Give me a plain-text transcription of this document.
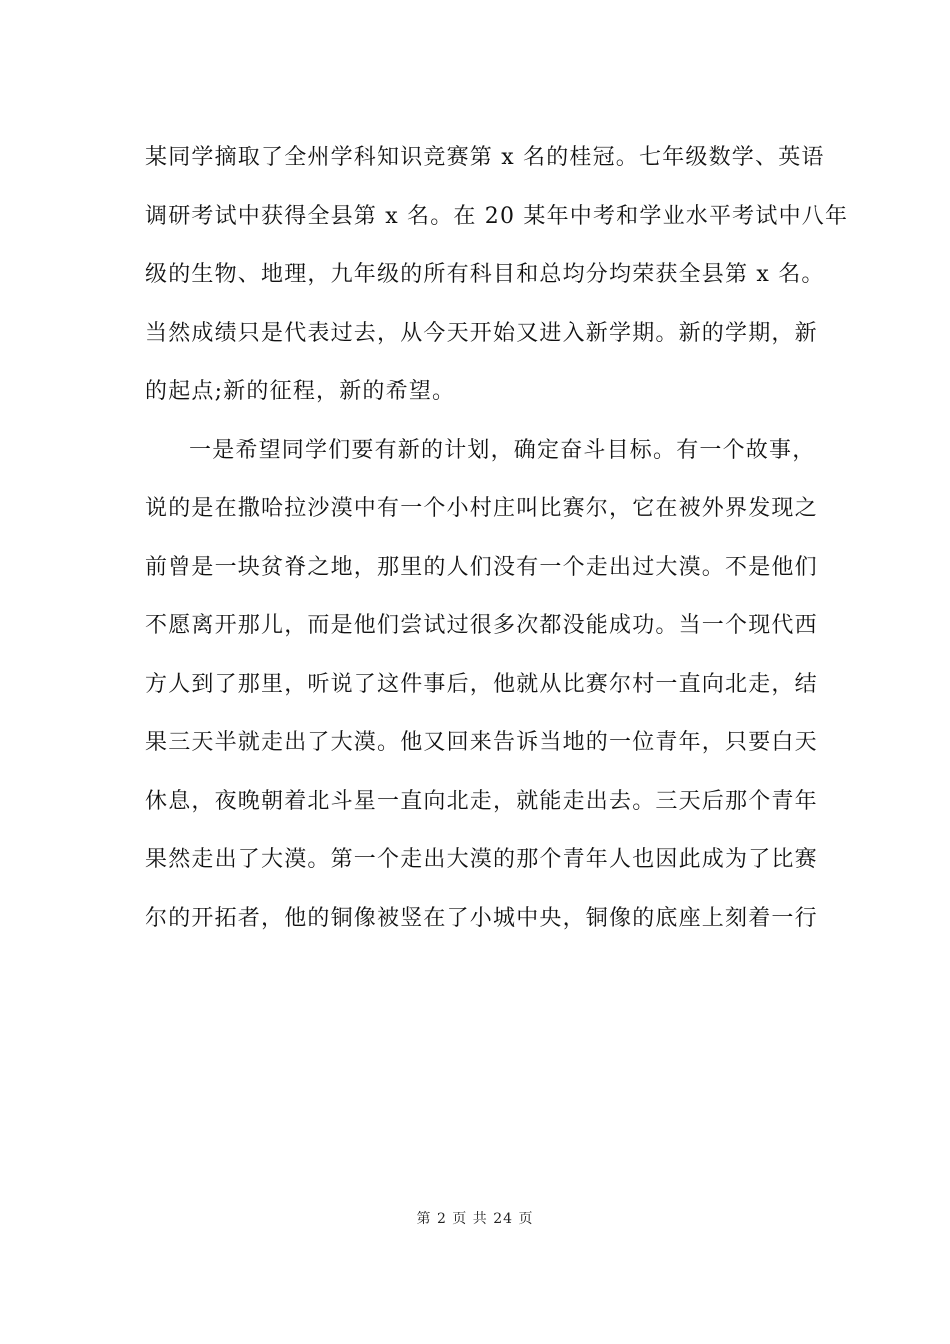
某同学摘取了全州学科知识竞赛第 x 名的桂冠。七年级数学、英语
调研考试中获得全县第 x 名。在 20 某年中考和学业水平考试中八年
级的生物、地理，九年级的所有科目和总均分均荣获全县第 x 名。
当然成绩只是代表过去，从今天开始又进入新学期。新的学期，新
的起点;新的征程，新的希望。
一是希望同学们要有新的计划，确定奋斗目标。有一个故事，
说的是在撒哈拉沙漠中有一个小村庄叫比赛尔，它在被外界发现之
前曾是一块贫脊之地，那里的人们没有一个走出过大漠。不是他们
不愿离开那儿，而是他们尝试过很多次都没能成功。当一个现代西
方人到了那里，听说了这件事后，他就从比赛尔村一直向北走，结
果三天半就走出了大漠。他又回来告诉当地的一位青年，只要白天
休息，夜晚朝着北斗星一直向北走，就能走出去。三天后那个青年
果然走出了大漠。第一个走出大漠的那个青年人也因此成为了比赛
尔的开拓者，他的铜像被竖在了小城中央，铜像的底座上刻着一行
第 2 页 共 24 页
